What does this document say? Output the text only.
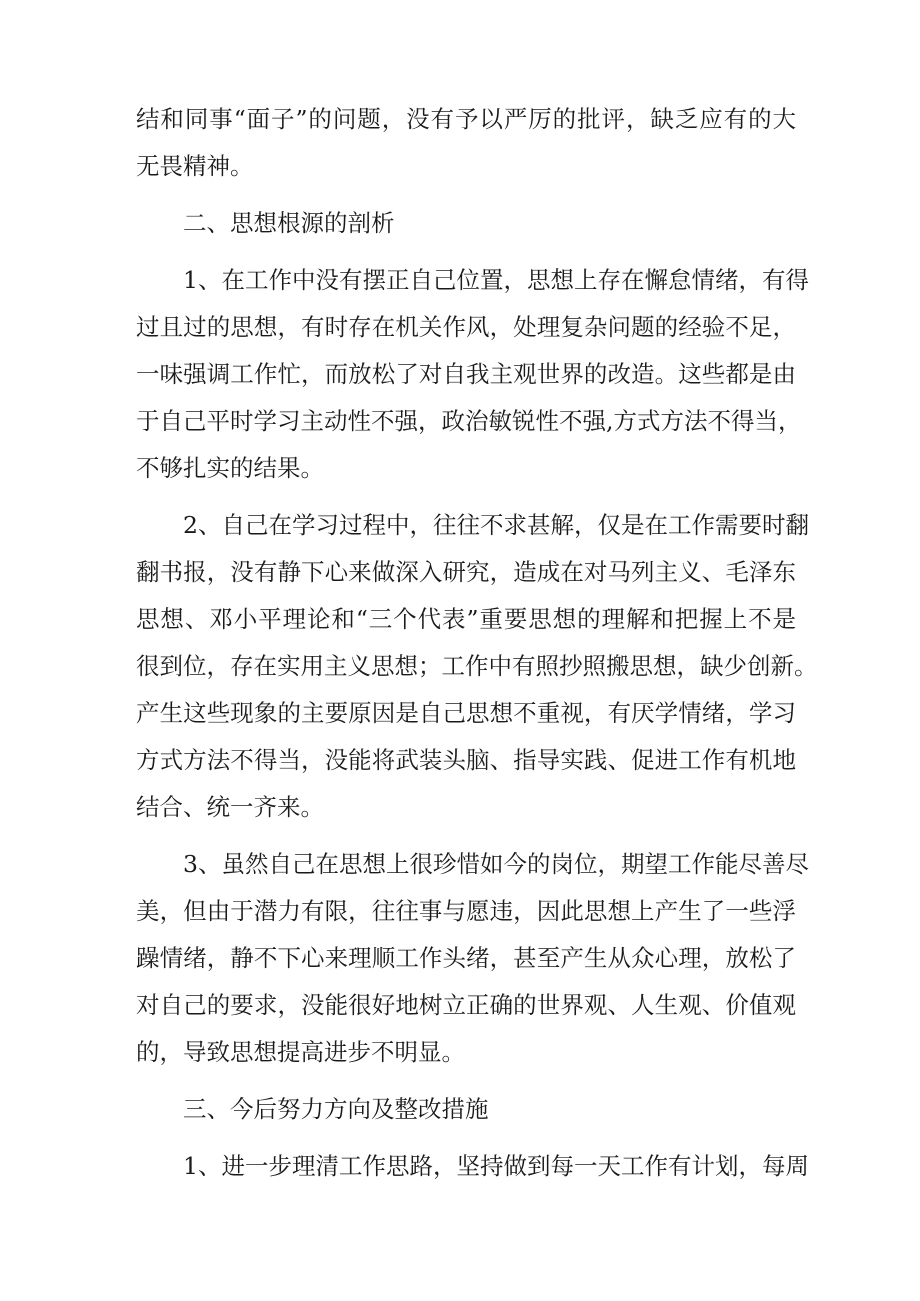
结和同事“面子”的问题，没有予以严厉的批评，缺乏应有的大
无畏精神。
二、思想根源的剖析
1、在工作中没有摆正自己位置，思想上存在懈怠情绪，有得
过且过的思想，有时存在机关作风，处理复杂问题的经验不足，
一味强调工作忙，而放松了对自我主观世界的改造。这些都是由
于自己平时学习主动性不强，政治敏锐性不强,方式方法不得当，
不够扎实的结果。
2、自己在学习过程中，往往不求甚解，仅是在工作需要时翻
翻书报，没有静下心来做深入研究，造成在对马列主义、毛泽东
思想、邓小平理论和“三个代表”重要思想的理解和把握上不是
很到位，存在实用主义思想；工作中有照抄照搬思想，缺少创新。
产生这些现象的主要原因是自己思想不重视，有厌学情绪，学习
方式方法不得当，没能将武装头脑、指导实践、促进工作有机地
结合、统一齐来。
3、虽然自己在思想上很珍惜如今的岗位，期望工作能尽善尽
美，但由于潜力有限，往往事与愿违，因此思想上产生了一些浮
躁情绪，静不下心来理顺工作头绪，甚至产生从众心理，放松了
对自己的要求，没能很好地树立正确的世界观、人生观、价值观
的，导致思想提高进步不明显。
三、今后努力方向及整改措施
1、进一步理清工作思路，坚持做到每一天工作有计划，每周
